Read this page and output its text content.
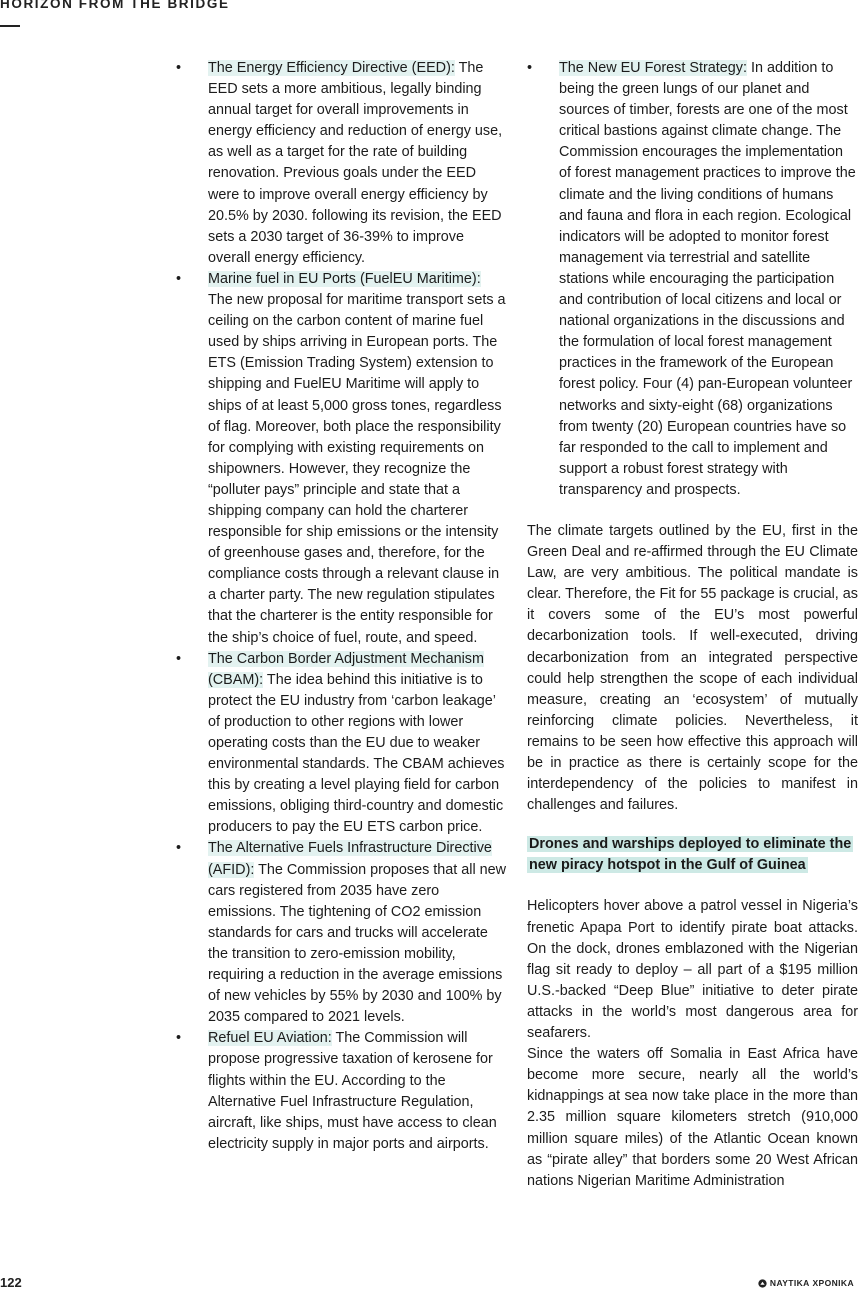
HORIZON FROM THE BRIDGE
• The Energy Efficiency Directive (EED): The EED sets a more ambitious, legally binding annual target for overall improvements in energy efficiency and reduction of energy use, as well as a target for the rate of building renovation. Previous goals under the EED were to improve overall energy efficiency by 20.5% by 2030. following its revision, the EED sets a 2030 target of 36-39% to improve overall energy efficiency.
• Marine fuel in EU Ports (FuelEU Maritime): The new proposal for maritime transport sets a ceiling on the carbon content of marine fuel used by ships arriving in European ports. The ETS (Emission Trading System) extension to shipping and FuelEU Maritime will apply to ships of at least 5,000 gross tones, regardless of flag. Moreover, both place the responsibility for complying with existing requirements on shipowners. However, they recognize the “polluter pays” principle and state that a shipping company can hold the charterer responsible for ship emissions or the intensity of greenhouse gases and, therefore, for the compliance costs through a relevant clause in a charter party. The new regulation stipulates that the charterer is the entity responsible for the ship’s choice of fuel, route, and speed.
• The Carbon Border Adjustment Mechanism (CBAM): The idea behind this initiative is to protect the EU industry from ‘carbon leakage’ of production to other regions with lower operating costs than the EU due to weaker environmental standards. The CBAM achieves this by creating a level playing field for carbon emissions, obliging third-country and domestic producers to pay the EU ETS carbon price.
• The Alternative Fuels Infrastructure Directive (AFID): The Commission proposes that all new cars registered from 2035 have zero emissions. The tightening of CO2 emission standards for cars and trucks will accelerate the transition to zero-emission mobility, requiring a reduction in the average emissions of new vehicles by 55% by 2030 and 100% by 2035 compared to 2021 levels.
• Refuel EU Aviation: The Commission will propose progressive taxation of kerosene for flights within the EU. According to the Alternative Fuel Infrastructure Regulation, aircraft, like ships, must have access to clean electricity supply in major ports and airports.
• The New EU Forest Strategy: In addition to being the green lungs of our planet and sources of timber, forests are one of the most critical bastions against climate change. The Commission encourages the implementation of forest management practices to improve the climate and the living conditions of humans and fauna and flora in each region. Ecological indicators will be adopted to monitor forest management via terrestrial and satellite stations while encouraging the participation and contribution of local citizens and local or national organizations in the discussions and the formulation of local forest management practices in the framework of the European forest policy. Four (4) pan-European volunteer networks and sixty-eight (68) organizations from twenty (20) European countries have so far responded to the call to implement and support a robust forest strategy with transparency and prospects.

The climate targets outlined by the EU, first in the Green Deal and re-affirmed through the EU Climate Law, are very ambitious. The political mandate is clear. Therefore, the Fit for 55 package is crucial, as it covers some of the EU’s most powerful decarbonization tools. If well-executed, driving decarbonization from an integrated perspective could help strengthen the scope of each individual measure, creating an ‘ecosystem’ of mutually reinforcing climate policies. Nevertheless, it remains to be seen how effective this approach will be in practice as there is certainly scope for the interdependency of the policies to manifest in challenges and failures.

Drones and warships deployed to eliminate the new piracy hotspot in the Gulf of Guinea

Helicopters hover above a patrol vessel in Nigeria’s frenetic Apapa Port to identify pirate boat attacks. On the dock, drones emblazoned with the Nigerian flag sit ready to deploy – all part of a $195 million U.S.-backed “Deep Blue” initiative to deter pirate attacks in the world’s most dangerous area for seafarers.

Since the waters off Somalia in East Africa have become more secure, nearly all the world’s kidnappings at sea now take place in the more than 2.35 million square kilometers stretch (910,000 million square miles) of the Atlantic Ocean known as “pirate alley” that borders some 20 West African nations Nigerian Maritime Administration

122	ΝΑΥΤΙΚΑ ΧΡΟΝΙΚΑ
